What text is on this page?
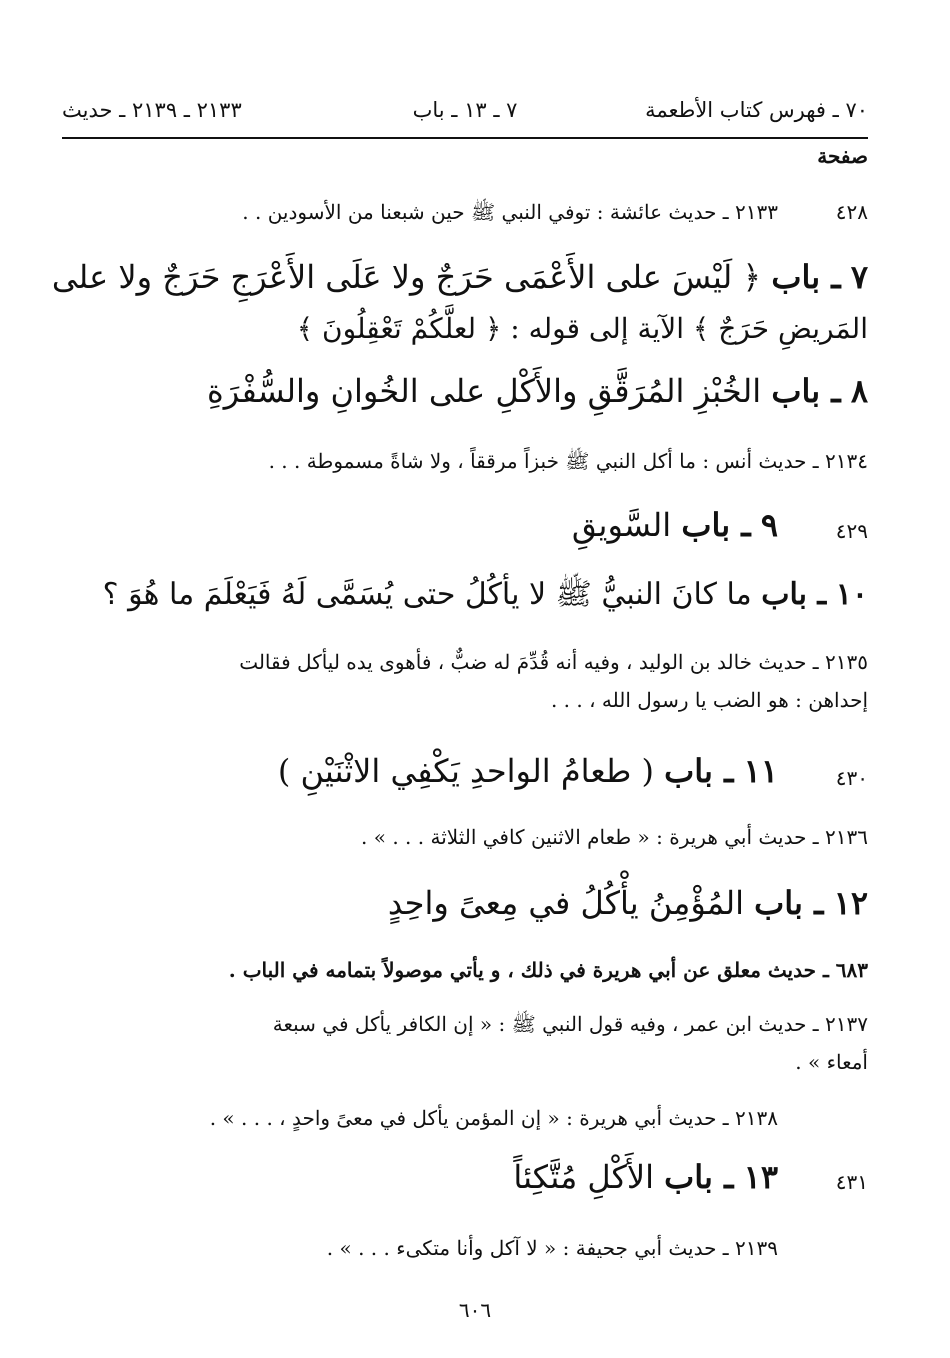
٧٠ ـ فهرس كتاب الأطعمة
٧ ـ ١٣ ـ باب
٢١٣٣ ـ ٢١٣٩ ـ حديث
صفحة
٤٢٨
٢١٣٣ ـ حديث عائشة : توفي النبي ﷺ حين شبعنا من الأسودين . .
٧ ـ باب ﴿ لَيْسَ على الأَعْمَى حَرَجٌ ولا عَلَى الأَعْرَجِ حَرَجٌ ولا على
المَريضِ حَرَجٌ ﴾ الآية إلى قوله : ﴿ لعلَّكُمْ تَعْقِلُونَ ﴾
٨ ـ باب الخُبْزِ المُرَقَّقِ والأَكْلِ على الخُوانِ والسُّفْرَةِ
٢١٣٤ ـ حديث أنس : ما أكل النبي ﷺ خبزاً مرققاً ، ولا شاةً مسموطة . . .
٤٢٩
٩ ـ باب السَّويقِ
١٠ ـ باب ما كانَ النبيُّ ﷺ لا يأكُلُ حتى يُسَمَّى لَهُ فَيَعْلَمَ ما هُوَ ؟
٢١٣٥ ـ حديث خالد بن الوليد ، وفيه أنه قُدِّمَ له ضبٌّ ، فأهوى يده ليأكل فقالت
إحداهن : هو الضب يا رسول الله ، . . .
٤٣٠
١١ ـ باب ( طعامُ الواحدِ يَكْفِي الاثْنَيْنِ )
٢١٣٦ ـ حديث أبي هريرة : « طعام الاثنين كافي الثلاثة . . . » .
١٢ ـ باب المُؤْمِنُ يأْكُلُ في مِعىً واحِدٍ
٦٨٣ ـ حديث معلق عن أبي هريرة في ذلك ، و يأتي موصولاً بتمامه في الباب .
٢١٣٧ ـ حديث ابن عمر ، وفيه قول النبي ﷺ : « إن الكافر يأكل في سبعة
أمعاء » .
٢١٣٨ ـ حديث أبي هريرة : « إن المؤمن يأكل في معىً واحدٍ ، . . . » .
٤٣١
١٣ ـ باب الأَكْلِ مُتَّكِئاً
٢١٣٩ ـ حديث أبي جحيفة : « لا آكل وأنا متكىء . . . » .
٦٠٦
